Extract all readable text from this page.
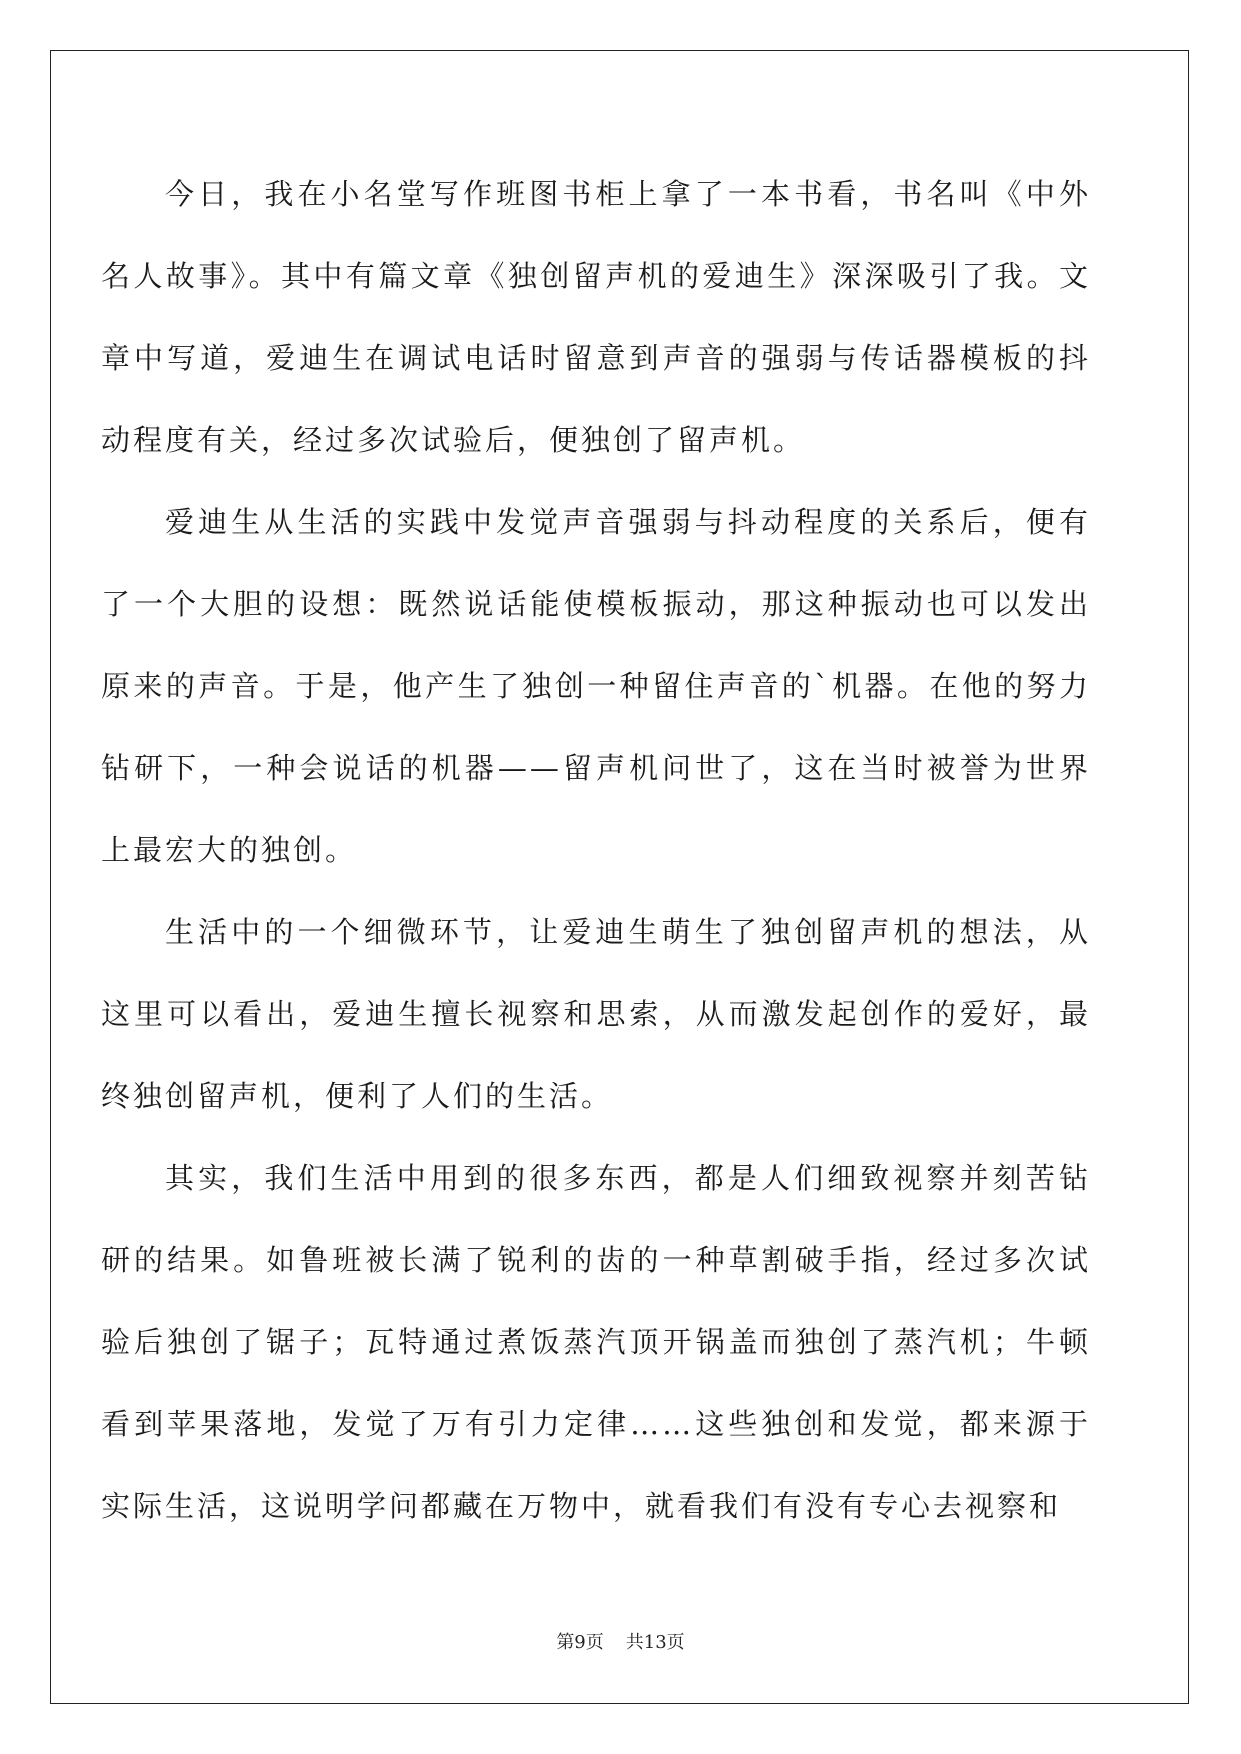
今日，我在小名堂写作班图书柜上拿了一本书看，书名叫《中外名人故事》。其中有篇文章《独创留声机的爱迪生》深深吸引了我。文章中写道，爱迪生在调试电话时留意到声音的强弱与传话器模板的抖动程度有关，经过多次试验后，便独创了留声机。

爱迪生从生活的实践中发觉声音强弱与抖动程度的关系后，便有了一个大胆的设想：既然说话能使模板振动，那这种振动也可以发出原来的声音。于是，他产生了独创一种留住声音的`机器。在他的努力钻研下，一种会说话的机器——留声机问世了，这在当时被誉为世界上最宏大的独创。

生活中的一个细微环节，让爱迪生萌生了独创留声机的想法，从这里可以看出，爱迪生擅长视察和思索，从而激发起创作的爱好，最终独创留声机，便利了人们的生活。

其实，我们生活中用到的很多东西，都是人们细致视察并刻苦钻研的结果。如鲁班被长满了锐利的齿的一种草割破手指，经过多次试验后独创了锯子；瓦特通过煮饭蒸汽顶开锅盖而独创了蒸汽机；牛顿看到苹果落地，发觉了万有引力定律……这些独创和发觉，都来源于实际生活，这说明学问都藏在万物中，就看我们有没有专心去视察和

第9页 共13页
